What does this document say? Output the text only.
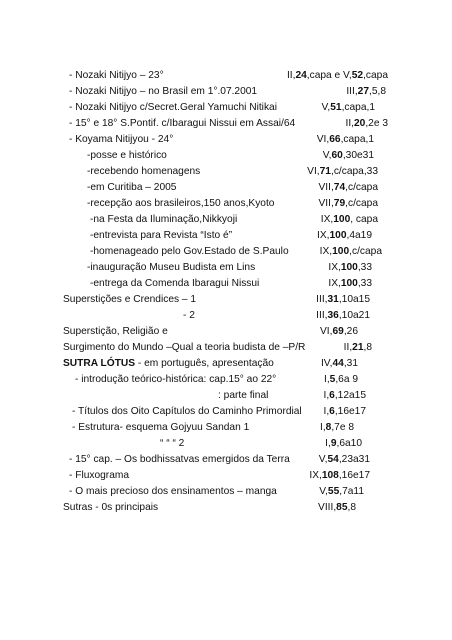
- Nozaki Nitijyo – 23°	II,24,capa e V,52,capa
- Nozaki Nitijyo – no Brasil em 1°.07.2001	III,27,5,8
- Nozaki Nitijyo c/Secret.Geral Yamuchi Nitikai	V,51,capa,1
- 15° e 18° S.Pontif. c/Ibaragui Nissui em Assai/64	II,20,2e 3
- Koyama Nitijyou - 24°	VI,66,capa,1
-posse e histórico	V,60,30e31
-recebendo homenagens	VI,71,c/capa,33
-em Curitiba – 2005	VII,74,c/capa
-recepção aos brasileiros,150 anos,Kyoto	VII,79,c/capa
-na Festa da Iluminação,Nikkyoji	IX,100, capa
-entrevista para Revista “Isto é”	IX,100,4a19
-homenageado pelo Gov.Estado de S.Paulo	IX,100,c/capa
-inauguração Museu Budista em Lins	IX,100,33
-entrega da Comenda Ibaragui Nissui	IX,100,33
Superstições e Crendices – 1	III,31,10a15
- 2	III,36,10a21
Superstição, Religião e	VI,69,26
Surgimento do Mundo –Qual a teoria budista de –P/R	II,21,8
SUTRA LÓTUS - em português, apresentação	IV,44,31
- introdução teórico-histórica: cap.15° ao 22°	I,5,6a 9
: parte final	I,6,12a15
- Títulos dos Oito Capítulos do Caminho Primordial I,6,16e17
- Estrutura- esquema Gojyuu Sandan 1	I,8,7e 8
“ “ “ 2	I,9,6a10
- 15° cap. – Os bodhissatvas emergidos da Terra	V,54,23a31
- Fluxograma	IX,108,16e17
- O mais precioso dos ensinamentos – manga	V,55,7a11
Sutras - 0s principais	VIII,85,8
